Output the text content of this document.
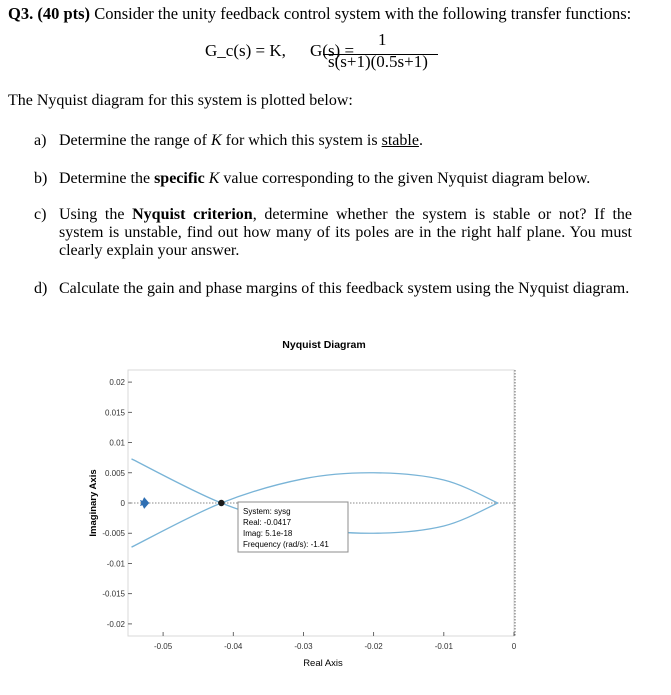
Q3. (40 pts) Consider the unity feedback control system with the following transfer functions:
G_c(s) = K, G(s) =
1
s(s+1)(0.5s+1)
The Nyquist diagram for this system is plotted below:
a) Determine the range of K for which this system is stable.
b) Determine the specific K value corresponding to the given Nyquist diagram below.
c) Using the Nyquist criterion, determine whether the system is stable or not? If the system is unstable, find out how many of its poles are in the right half plane. You must clearly explain your answer.
d) Calculate the gain and phase margins of this feedback system using the Nyquist diagram.
Nyquist Diagram
0.02
0.015
0.01
0.005
0
-0.005
-0.01
-0.015
-0.02
-0.05	-0.04	-0.03	-0.02	-0.01	0
System: sysg
Real: -0.0417
Imag: 5.1e-18
Frequency (rad/s): -1.41
Real Axis
Imaginary Axis
